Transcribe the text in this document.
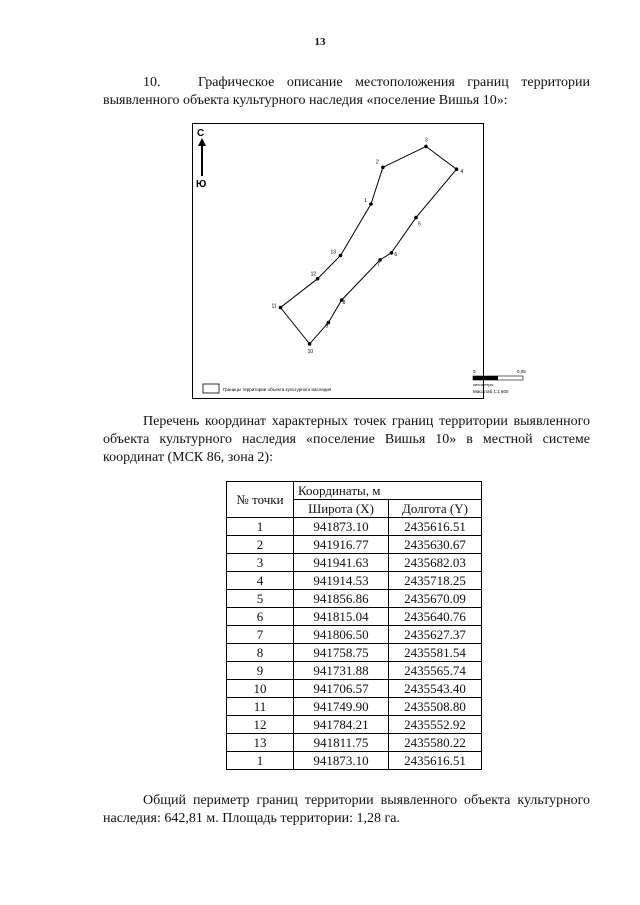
13
10.	Графическое описание местоположения границ территории выявленного объекта культурного наследия «поселение Вишья 10»:
С
Ю
1
2
3
4
5
6
7
8
9
10
11
12
13
Границы территории объекта культурного наследия
0	0,05
километры
Масштаб 1:1 600
Перечень координат характерных точек границ территории выявленного объекта культурного наследия «поселение Вишья 10» в местной системе координат (МСК 86, зона 2):
№ точки	Координаты, м	
	Широта (X)	Долгота (Y)
1	941873.10	2435616.51
2	941916.77	2435630.67
3	941941.63	2435682.03
4	941914.53	2435718.25
5	941856.86	2435670.09
6	941815.04	2435640.76
7	941806.50	2435627.37
8	941758.75	2435581.54
9	941731.88	2435565.74
10	941706.57	2435543.40
11	941749.90	2435508.80
12	941784.21	2435552.92
13	941811.75	2435580.22
1	941873.10	2435616.51
Общий периметр границ территории выявленного объекта культурного наследия: 642,81 м. Площадь территории: 1,28 га.
